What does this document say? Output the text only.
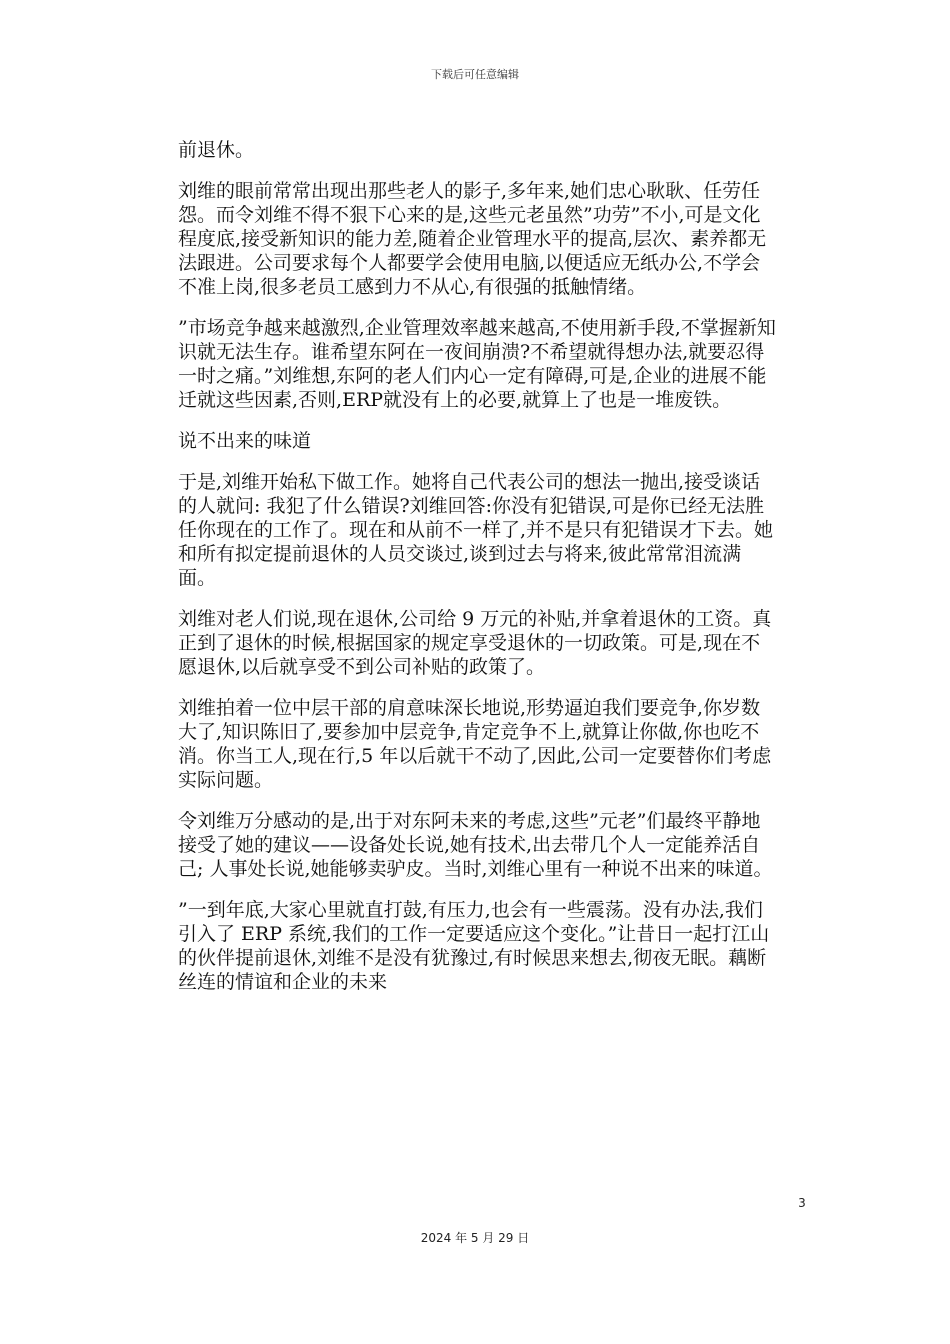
下载后可任意编辑

前退休。

刘维的眼前常常出现出那些老人的影子,多年来,她们忠心耿耿、任劳任怨。而令刘维不得不狠下心来的是,这些元老虽然”功劳”不小,可是文化程度底,接受新知识的能力差,随着企业管理水平的提高,层次、素养都无法跟进。公司要求每个人都要学会使用电脑,以便适应无纸办公,不学会不准上岗,很多老员工感到力不从心,有很强的抵触情绪。

”市场竞争越来越激烈,企业管理效率越来越高,不使用新手段,不掌握新知识就无法生存。谁希望东阿在一夜间崩溃?不希望就得想办法,就要忍得一时之痛。”刘维想,东阿的老人们内心一定有障碍,可是,企业的进展不能迁就这些因素,否则,ERP就没有上的必要,就算上了也是一堆废铁。

说不出来的味道

于是,刘维开始私下做工作。她将自己代表公司的想法一抛出,接受谈话的人就问: 我犯了什么错误?刘维回答:你没有犯错误,可是你已经无法胜任你现在的工作了。现在和从前不一样了,并不是只有犯错误才下去。她和所有拟定提前退休的人员交谈过,谈到过去与将来,彼此常常泪流满面。

刘维对老人们说,现在退休,公司给 9 万元的补贴,并拿着退休的工资。真正到了退休的时候,根据国家的规定享受退休的一切政策。可是,现在不愿退休,以后就享受不到公司补贴的政策了。

刘维拍着一位中层干部的肩意味深长地说,形势逼迫我们要竞争,你岁数大了,知识陈旧了,要参加中层竞争,肯定竞争不上,就算让你做,你也吃不消。你当工人,现在行,5 年以后就干不动了,因此,公司一定要替你们考虑实际问题。

令刘维万分感动的是,出于对东阿未来的考虑,这些”元老”们最终平静地接受了她的建议——设备处长说,她有技术,出去带几个人一定能养活自己; 人事处长说,她能够卖驴皮。当时,刘维心里有一种说不出来的味道。

”一到年底,大家心里就直打鼓,有压力,也会有一些震荡。没有办法,我们引入了 ERP 系统,我们的工作一定要适应这个变化。”让昔日一起打江山的伙伴提前退休,刘维不是没有犹豫过,有时候思来想去,彻夜无眠。藕断丝连的情谊和企业的未来

3
2024 年 5 月 29 日
